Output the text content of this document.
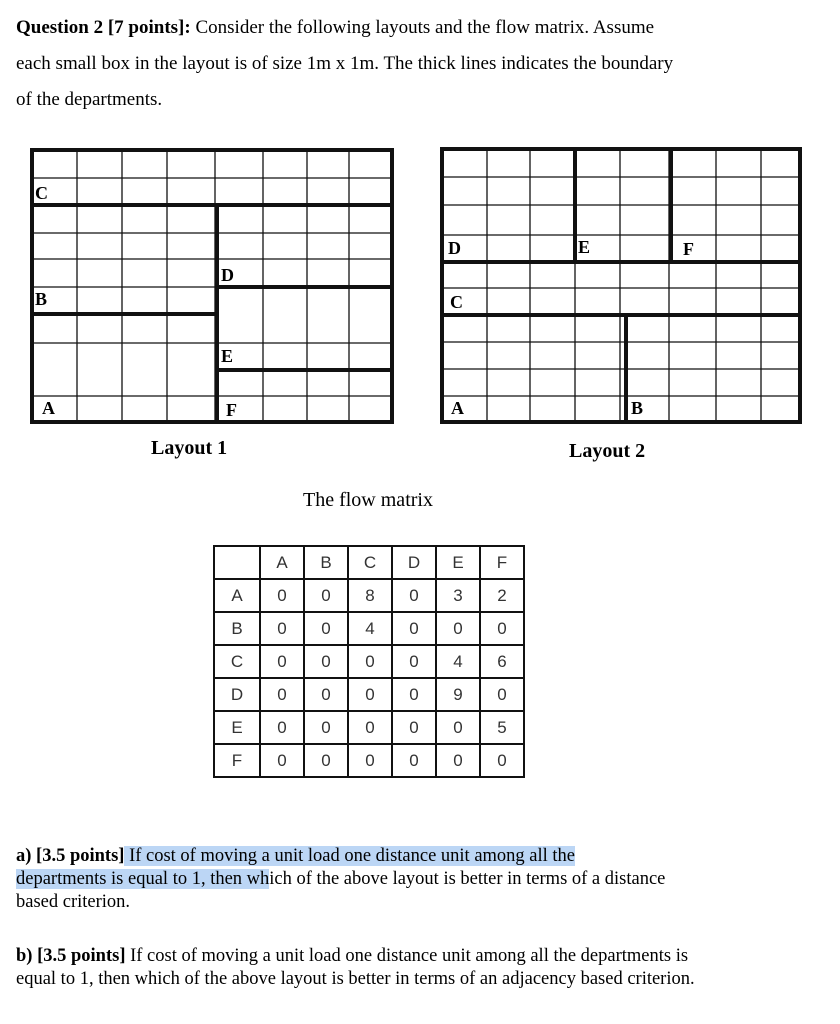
Question 2 [7 points]: Consider the following layouts and the flow matrix. Assume
each small box in the layout is of size 1m x 1m. The thick lines indicates the boundary
of the departments.
C
B
A
D
E
F
Layout 1
D	E	F
C
A	B
Layout 2
The flow matrix
	A	B	C	D	E	F
A	0	0	8	0	3	2
B	0	0	4	0	0	0
C	0	0	0	0	4	6
D	0	0	0	0	9	0
E	0	0	0	0	0	5
F	0	0	0	0	0	0
a) [3.5 points] If cost of moving a unit load one distance unit among all the
departments is equal to 1, then which of the above layout is better in terms of a distance based criterion.
b) [3.5 points] If cost of moving a unit load one distance unit among all the departments is equal to 1, then which of the above layout is better in terms of an adjacency based criterion.
